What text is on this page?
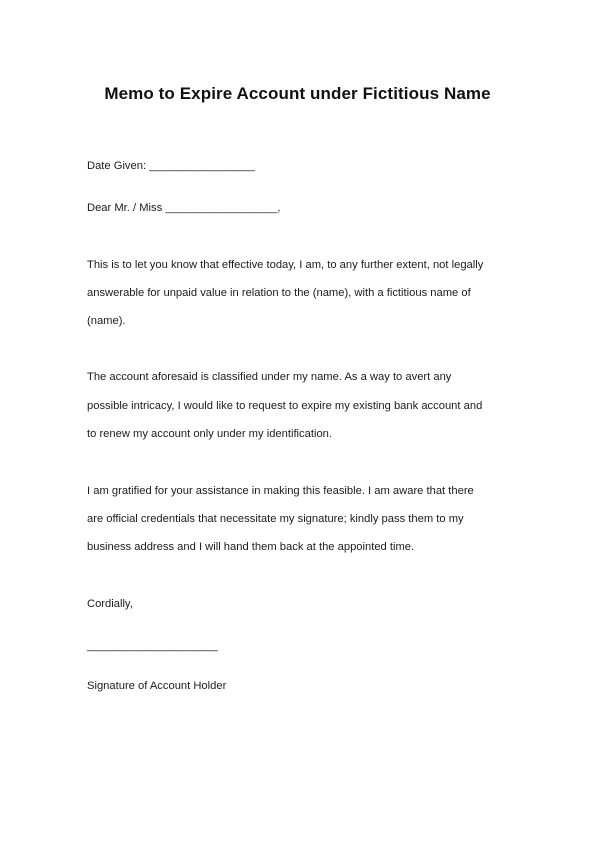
Memo to Expire Account under Fictitious Name
Date Given: _________________
Dear Mr. / Miss __________________,
This is to let you know that effective today, I am, to any further extent, not legally
answerable for unpaid value in relation to the (name), with a fictitious name of
(name).
The account aforesaid is classified under my name. As a way to avert any
possible intricacy, I would like to request to expire my existing bank account and
to renew my account only under my identification.
I am gratified for your assistance in making this feasible. I am aware that there
are official credentials that necessitate my signature; kindly pass them to my
business address and I will hand them back at the appointed time.
Cordially,
_____________________
Signature of Account Holder
